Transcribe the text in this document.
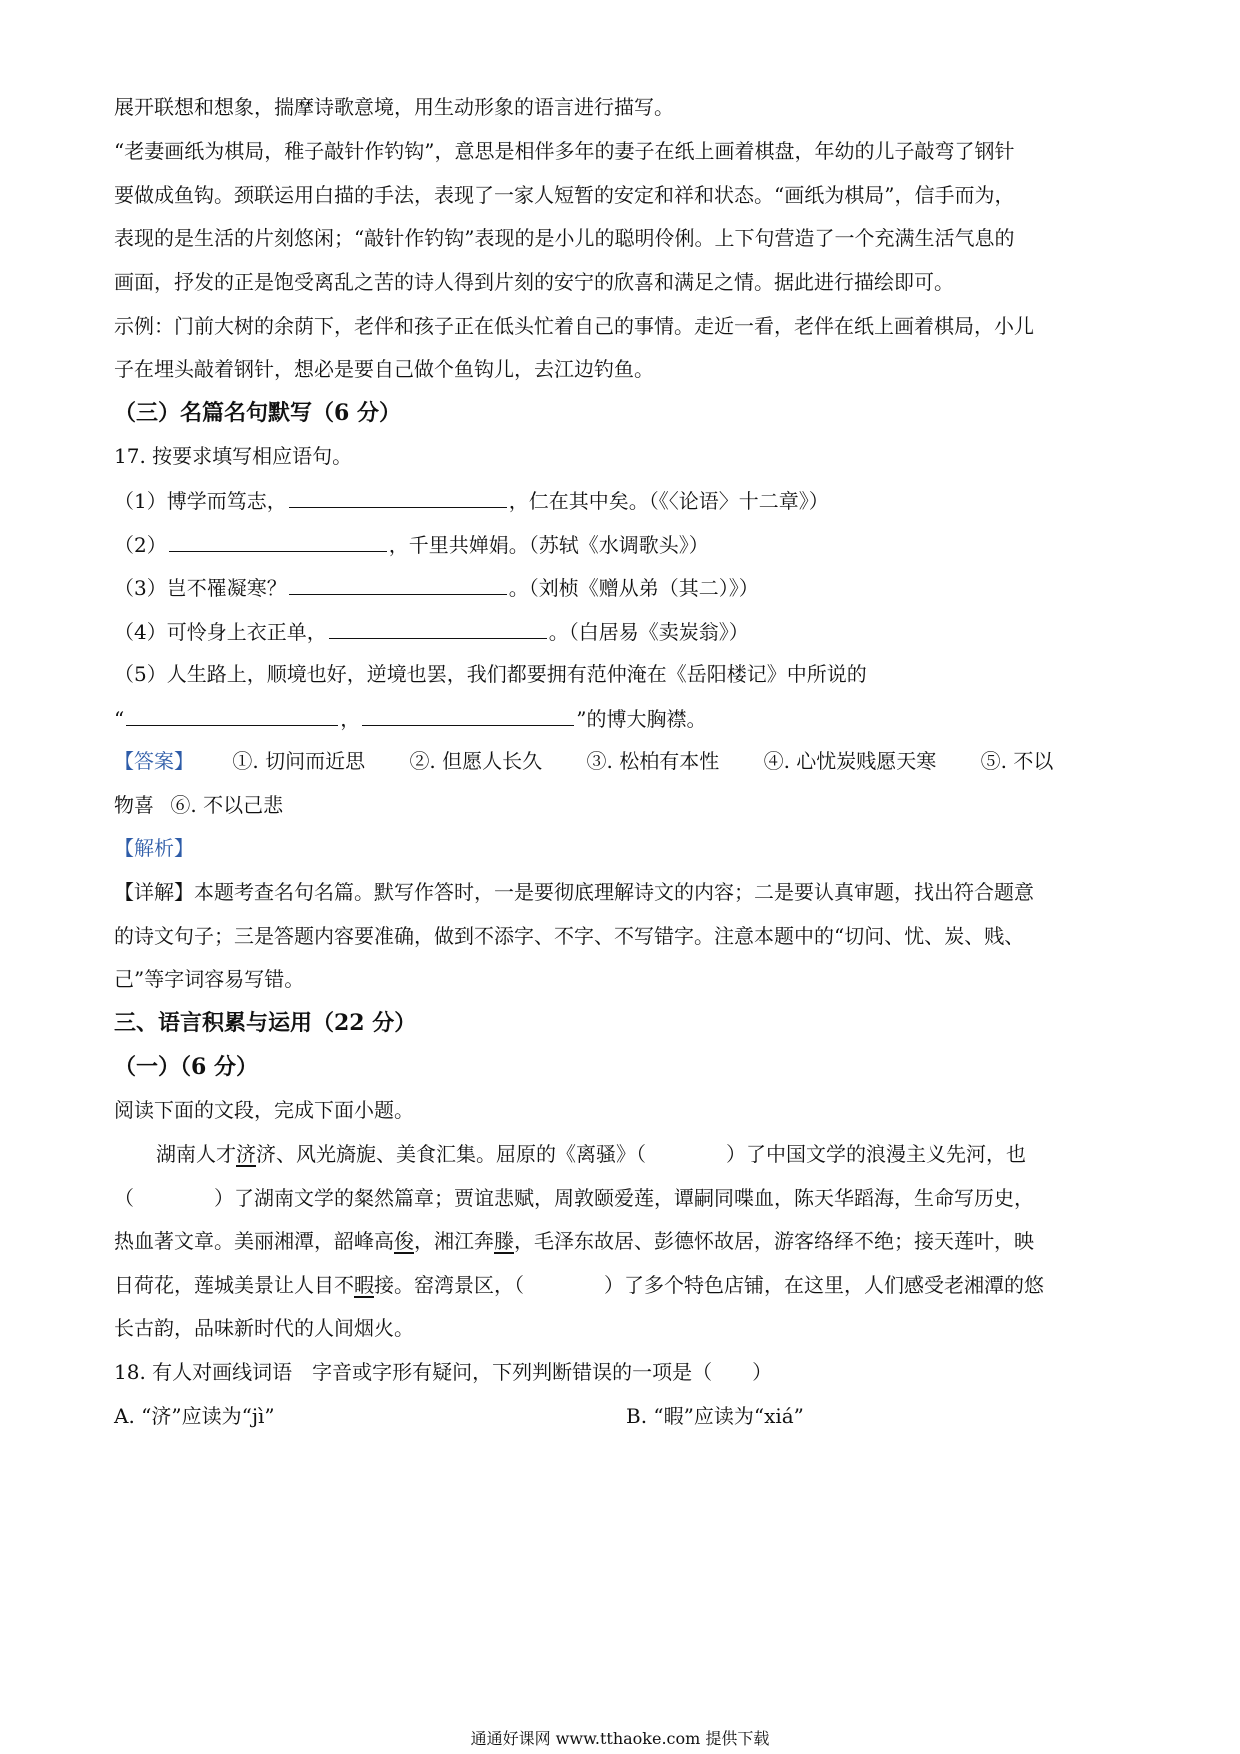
展开联想和想象，揣摩诗歌意境，用生动形象的语言进行描写。
“老妻画纸为棋局，稚子敲针作钓钩”，意思是相伴多年的妻子在纸上画着棋盘，年幼的儿子敲弯了钢针
要做成鱼钩。颈联运用白描的手法，表现了一家人短暂的安定和祥和状态。“画纸为棋局”，信手而为，
表现的是生活的片刻悠闲；“敲针作钓钩”表现的是小儿的聪明伶俐。上下句营造了一个充满生活气息的
画面，抒发的正是饱受离乱之苦的诗人得到片刻的安宁的欣喜和满足之情。据此进行描绘即可。
示例：门前大树的余荫下，老伴和孩子正在低头忙着自己的事情。走近一看，老伴在纸上画着棋局，小儿
子在埋头敲着钢针，想必是要自己做个鱼钩儿，去江边钓鱼。
（三）名篇名句默写（6 分）
17. 按要求填写相应语句。
（1）博学而笃志，	，仁在其中矣。（《〈论语〉十二章》）
（2）	，千里共婵娟。（苏轼《水调歌头》）
（3）岂不罹凝寒？	。（刘桢《赠从弟（其二）》）
（4）可怜身上衣正单，	。（白居易《卖炭翁》）
（5）人生路上，顺境也好，逆境也罢，我们都要拥有范仲淹在《岳阳楼记》中所说的
“	，	”的博大胸襟。
【答案】 ①. 切问而近思 ②. 但愿人长久 ③. 松柏有本性 ④. 心忧炭贱愿天寒 ⑤. 不以
物喜 ⑥. 不以己悲
【解析】
【详解】本题考查名句名篇。默写作答时，一是要彻底理解诗文的内容；二是要认真审题，找出符合题意
的诗文句子；三是答题内容要准确，做到不添字、不字、不写错字。注意本题中的“切问、忧、炭、贱、
己”等字词容易写错。
三、语言积累与运用（22 分）
（一）（6 分）
阅读下面的文段，完成下面小题。
湖南人才济济、风光旖旎、美食汇集。屈原的《离骚》（	）了中国文学的浪漫主义先河，也
（	）了湖南文学的粲然篇章；贾谊悲赋，周敦颐爱莲，谭嗣同喋血，陈天华蹈海，生命写历史，
热血著文章。美丽湘潭，韶峰高俊，湘江奔滕，毛泽东故居、彭德怀故居，游客络绎不绝；接天莲叶，映
日荷花，莲城美景让人目不暇接。窑湾景区，（	）了多个特色店铺，在这里，人们感受老湘潭的悠
长古韵，品味新时代的人间烟火。
18. 有人对画线词语　字音或字形有疑问，下列判断错误的一项是（　　）
A. “济”应读为“jì”	B. “暇”应读为“xiá”
通通好课网 www.tthaoke.com 提供下载
